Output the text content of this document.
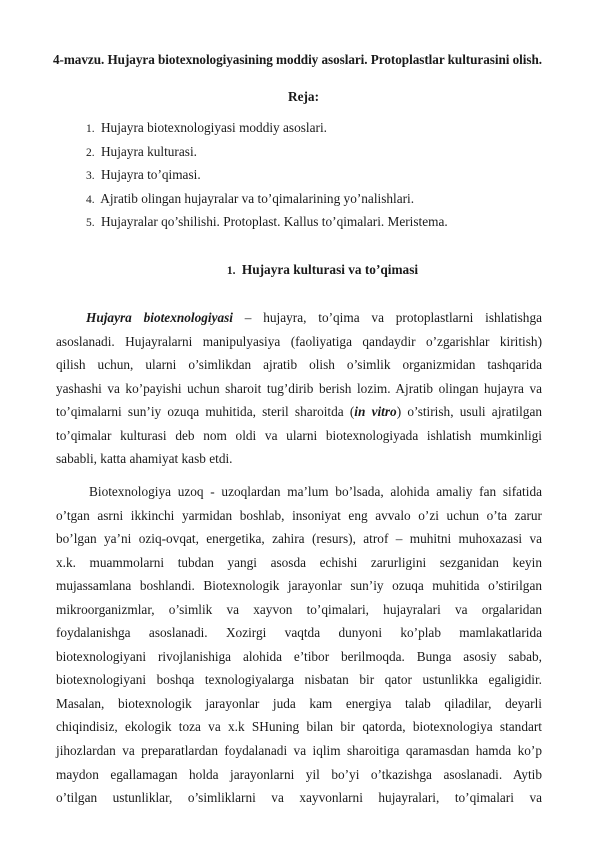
4-mavzu. Hujayra biotexnologiyasining moddiy asoslari. Protoplastlar kulturasini olish.
Reja:
1. Hujayra biotexnologiyasi moddiy asoslari.
2. Hujayra kulturasi.
3. Hujayra to’qimasi.
4. Ajratib olingan hujayralar va to’qimalarining yo’nalishlari.
5. Hujayralar qo’shilishi. Protoplast. Kallus to’qimalari. Meristema.
1. Hujayra kulturasi va to’qimasi
Hujayra biotexnologiyasi – hujayra, to’qima va protoplastlarni ishlatishga
asoslanadi. Hujayralarni manipulyasiya (faoliyatiga qandaydir o’zgarishlar kiritish)
qilish uchun, ularni o’simlikdan ajratib olish o’simlik organizmidan tashqarida
yashashi va ko’payishi uchun sharoit tug’dirib berish lozim. Ajratib olingan hujayra va
to’qimalarni sun’iy ozuqa muhitida, steril sharoitda (in vitro) o’stirish, usuli ajratilgan
to’qimalar kulturasi deb nom oldi va ularni biotexnologiyada ishlatish mumkinligi
sababli, katta ahamiyat kasb etdi.
Biotexnologiya uzoq - uzoqlardan ma’lum bo’lsada, alohida amaliy fan sifatida
o’tgan asrni ikkinchi yarmidan boshlab, insoniyat eng avvalo o’zi uchun o’ta zarur
bo’lgan ya’ni oziq-ovqat, energetika, zahira (resurs), atrof – muhitni muhoxazasi va
x.k. muammolarni tubdan yangi asosda echishi zarurligini sezganidan keyin
mujassamlana boshlandi. Biotexnologik jarayonlar sun’iy ozuqa muhitida o’stirilgan
mikroorganizmlar, o’simlik va xayvon to’qimalari, hujayralari va orgalaridan
foydalanishga asoslanadi. Xozirgi vaqtda dunyoni ko’plab mamlakatlarida
biotexnologiyani rivojlanishiga alohida e’tibor berilmoqda. Bunga asosiy sabab,
biotexnologiyani boshqa texnologiyalarga nisbatan bir qator ustunlikka egaligidir.
Masalan, biotexnologik jarayonlar juda kam energiya talab qiladilar, deyarli
chiqindisiz, ekologik toza va x.k SHuning bilan bir qatorda, biotexnologiya standart
jihozlardan va preparatlardan foydalanadi va iqlim sharoitiga qaramasdan hamda ko’p
maydon egallamagan holda jarayonlarni yil bo’yi o’tkazishga asoslanadi. Aytib
o’tilgan ustunliklar, o’simliklarni va xayvonlarni hujayralari, to’qimalari va
